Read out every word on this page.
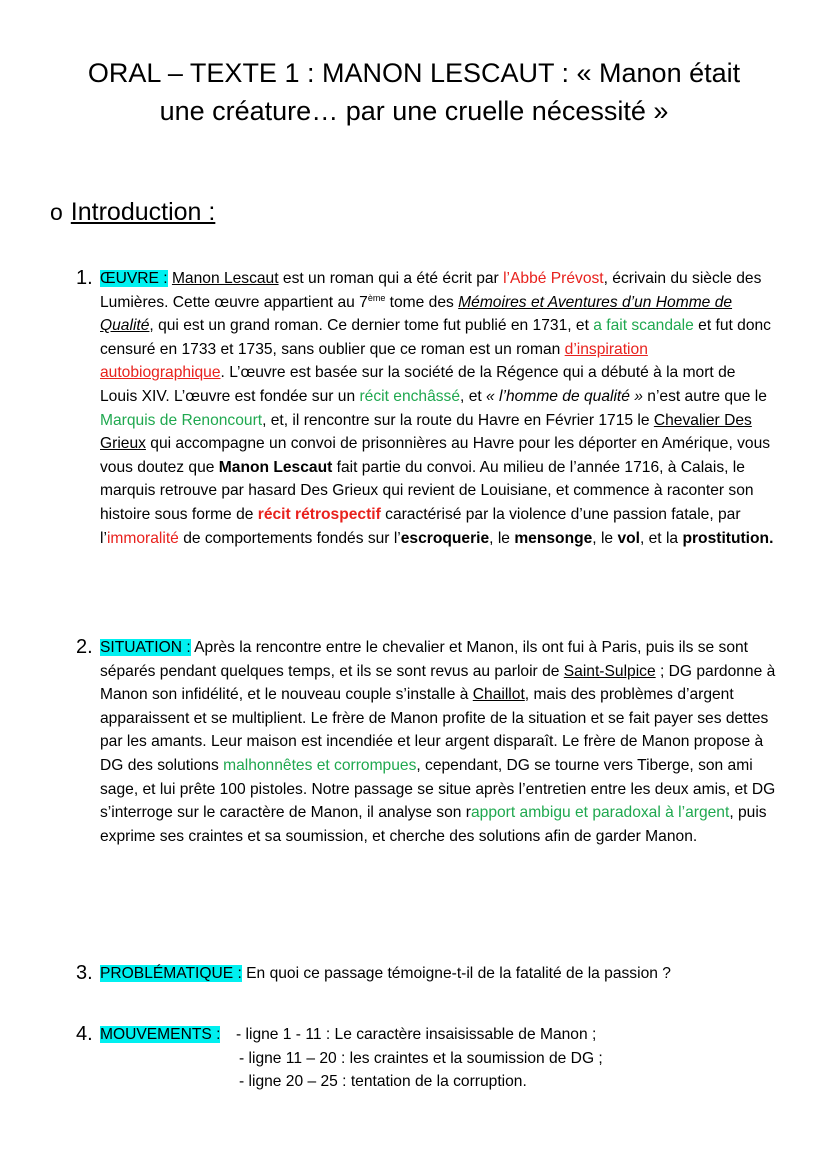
ORAL – TEXTE 1 : MANON LESCAUT : « Manon était
une créature… par une cruelle nécessité »
o Introduction :
1. ŒUVRE : Manon Lescaut est un roman qui a été écrit par l’Abbé Prévost, écrivain du siècle des Lumières. Cette œuvre appartient au 7ème tome des Mémoires et Aventures d’un Homme de Qualité, qui est un grand roman. Ce dernier tome fut publié en 1731, et a fait scandale et fut donc censuré en 1733 et 1735, sans oublier que ce roman est un roman d’inspiration autobiographique. L’œuvre est basée sur la société de la Régence qui a débuté à la mort de Louis XIV. L’œuvre est fondée sur un récit enchâssé, et « l’homme de qualité » n’est autre que le Marquis de Renoncourt, et, il rencontre sur la route du Havre en Février 1715 le Chevalier Des Grieux qui accompagne un convoi de prisonnières au Havre pour les déporter en Amérique, vous vous doutez que Manon Lescaut fait partie du convoi. Au milieu de l’année 1716, à Calais, le marquis retrouve par hasard Des Grieux qui revient de Louisiane, et commence à raconter son histoire sous forme de récit rétrospectif caractérisé par la violence d’une passion fatale, par l’immoralité de comportements fondés sur l’escroquerie, le mensonge, le vol, et la prostitution.
2. SITUATION : Après la rencontre entre le chevalier et Manon, ils ont fui à Paris, puis ils se sont séparés pendant quelques temps, et ils se sont revus au parloir de Saint-Sulpice ; DG pardonne à Manon son infidélité, et le nouveau couple s’installe à Chaillot, mais des problèmes d’argent apparaissent et se multiplient. Le frère de Manon profite de la situation et se fait payer ses dettes par les amants. Leur maison est incendiée et leur argent disparaît. Le frère de Manon propose à DG des solutions malhonnêtes et corrompues, cependant, DG se tourne vers Tiberge, son ami sage, et lui prête 100 pistoles. Notre passage se situe après l’entretien entre les deux amis, et DG s’interroge sur le caractère de Manon, il analyse son rapport ambigu et paradoxal à l’argent, puis exprime ses craintes et sa soumission, et cherche des solutions afin de garder Manon.
3. PROBLÉMATIQUE : En quoi ce passage témoigne-t-il de la fatalité de la passion ?
4. MOUVEMENTS : - ligne 1 - 11 : Le caractère insaisissable de Manon ;
- ligne 11 – 20 : les craintes et la soumission de DG ;
- ligne 20 – 25 : tentation de la corruption.
